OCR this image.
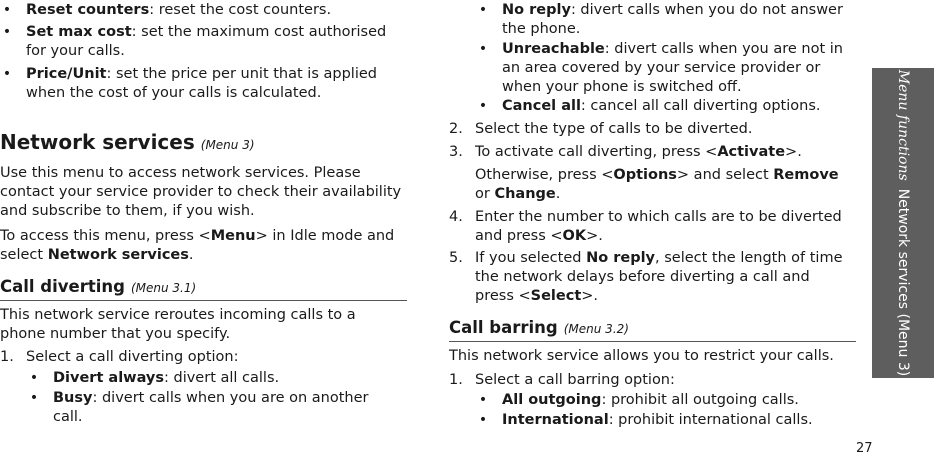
• Reset counters: reset the cost counters.
• Set max cost: set the maximum cost authorised
for your calls.
• Price/Unit: set the price per unit that is applied
when the cost of your calls is calculated.
Network services (Menu 3)
Use this menu to access network services. Please
contact your service provider to check their availability
and subscribe to them, if you wish.
To access this menu, press <Menu> in Idle mode and
select Network services.
Call diverting (Menu 3.1)
This network service reroutes incoming calls to a
phone number that you specify.
1. Select a call diverting option:
• Divert always: divert all calls.
• Busy: divert calls when you are on another
call.
• No reply: divert calls when you do not answer
the phone.
• Unreachable: divert calls when you are not in
an area covered by your service provider or
when your phone is switched off.
• Cancel all: cancel all call diverting options.
2. Select the type of calls to be diverted.
3. To activate call diverting, press <Activate>.
Otherwise, press <Options> and select Remove
or Change.
4. Enter the number to which calls are to be diverted
and press <OK>.
5. If you selected No reply, select the length of time
the network delays before diverting a call and
press <Select>.
Call barring (Menu 3.2)
This network service allows you to restrict your calls.
1. Select a call barring option:
• All outgoing: prohibit all outgoing calls.
• International: prohibit international calls.
Menu functionsNetwork services (Menu 3)
27
